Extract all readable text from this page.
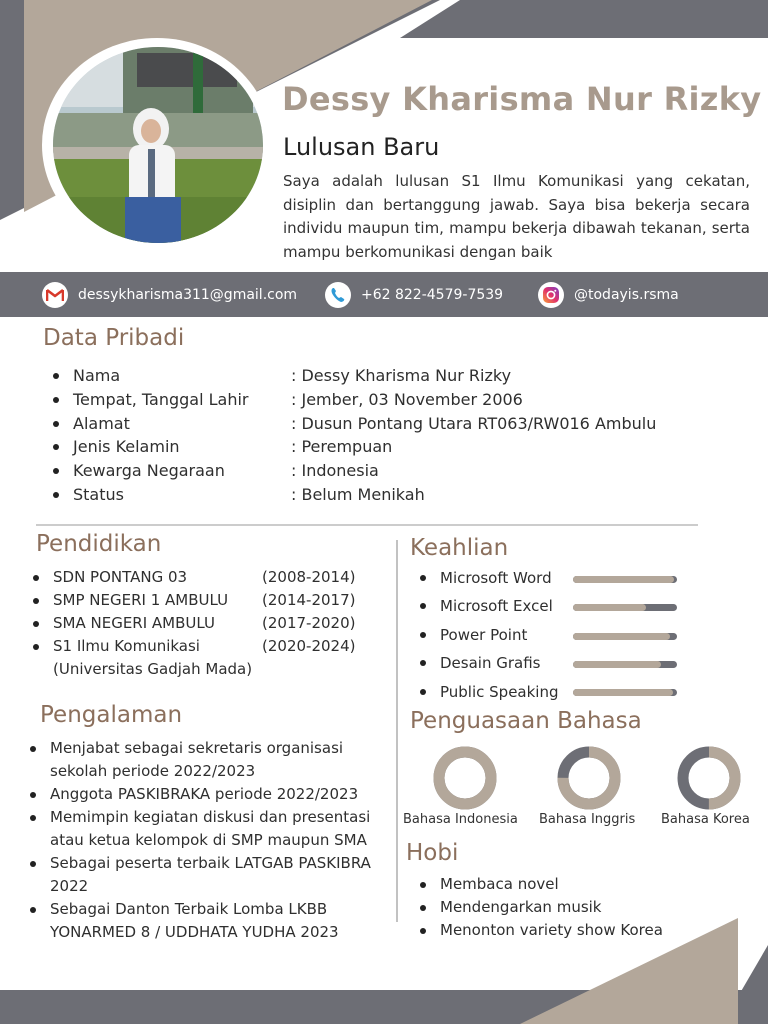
Dessy Kharisma Nur Rizky
Lulusan Baru
Saya adalah lulusan S1 Ilmu Komunikasi yang cekatan, disiplin dan bertanggung jawab. Saya bisa bekerja secara individu maupun tim, mampu bekerja dibawah tekanan, serta mampu berkomunikasi dengan baik
dessykharisma311@gmail.com	+62 822-4579-7539	@todayis.rsma
Data Pribadi
Nama	: Dessy Kharisma Nur Rizky
Tempat, Tanggal Lahir	: Jember, 03 November 2006
Alamat	: Dusun Pontang Utara RT063/RW016 Ambulu
Jenis Kelamin	: Perempuan
Kewarga Negaraan	: Indonesia
Status	: Belum Menikah
Pendidikan
SDN PONTANG 03	(2008-2014)
SMP NEGERI 1 AMBULU (2014-2017)
SMA NEGERI AMBULU	(2017-2020)
S1 Ilmu Komunikasi	(2020-2024)
(Universitas Gadjah Mada)
Pengalaman
Menjabat sebagai sekretaris organisasi sekolah periode 2022/2023
Anggota PASKIBRAKA periode 2022/2023
Memimpin kegiatan diskusi dan presentasi atau ketua kelompok di SMP maupun SMA
Sebagai peserta terbaik LATGAB PASKIBRA 2022
Sebagai Danton Terbaik Lomba LKBB YONARMED 8 / UDDHATA YUDHA 2023
Keahlian
Microsoft Word
Microsoft Excel
Power Point
Desain Grafis
Public Speaking
Penguasaan Bahasa
Bahasa Indonesia Bahasa Inggris Bahasa Korea
Hobi
Membaca novel
Mendengarkan musik
Menonton variety show Korea
